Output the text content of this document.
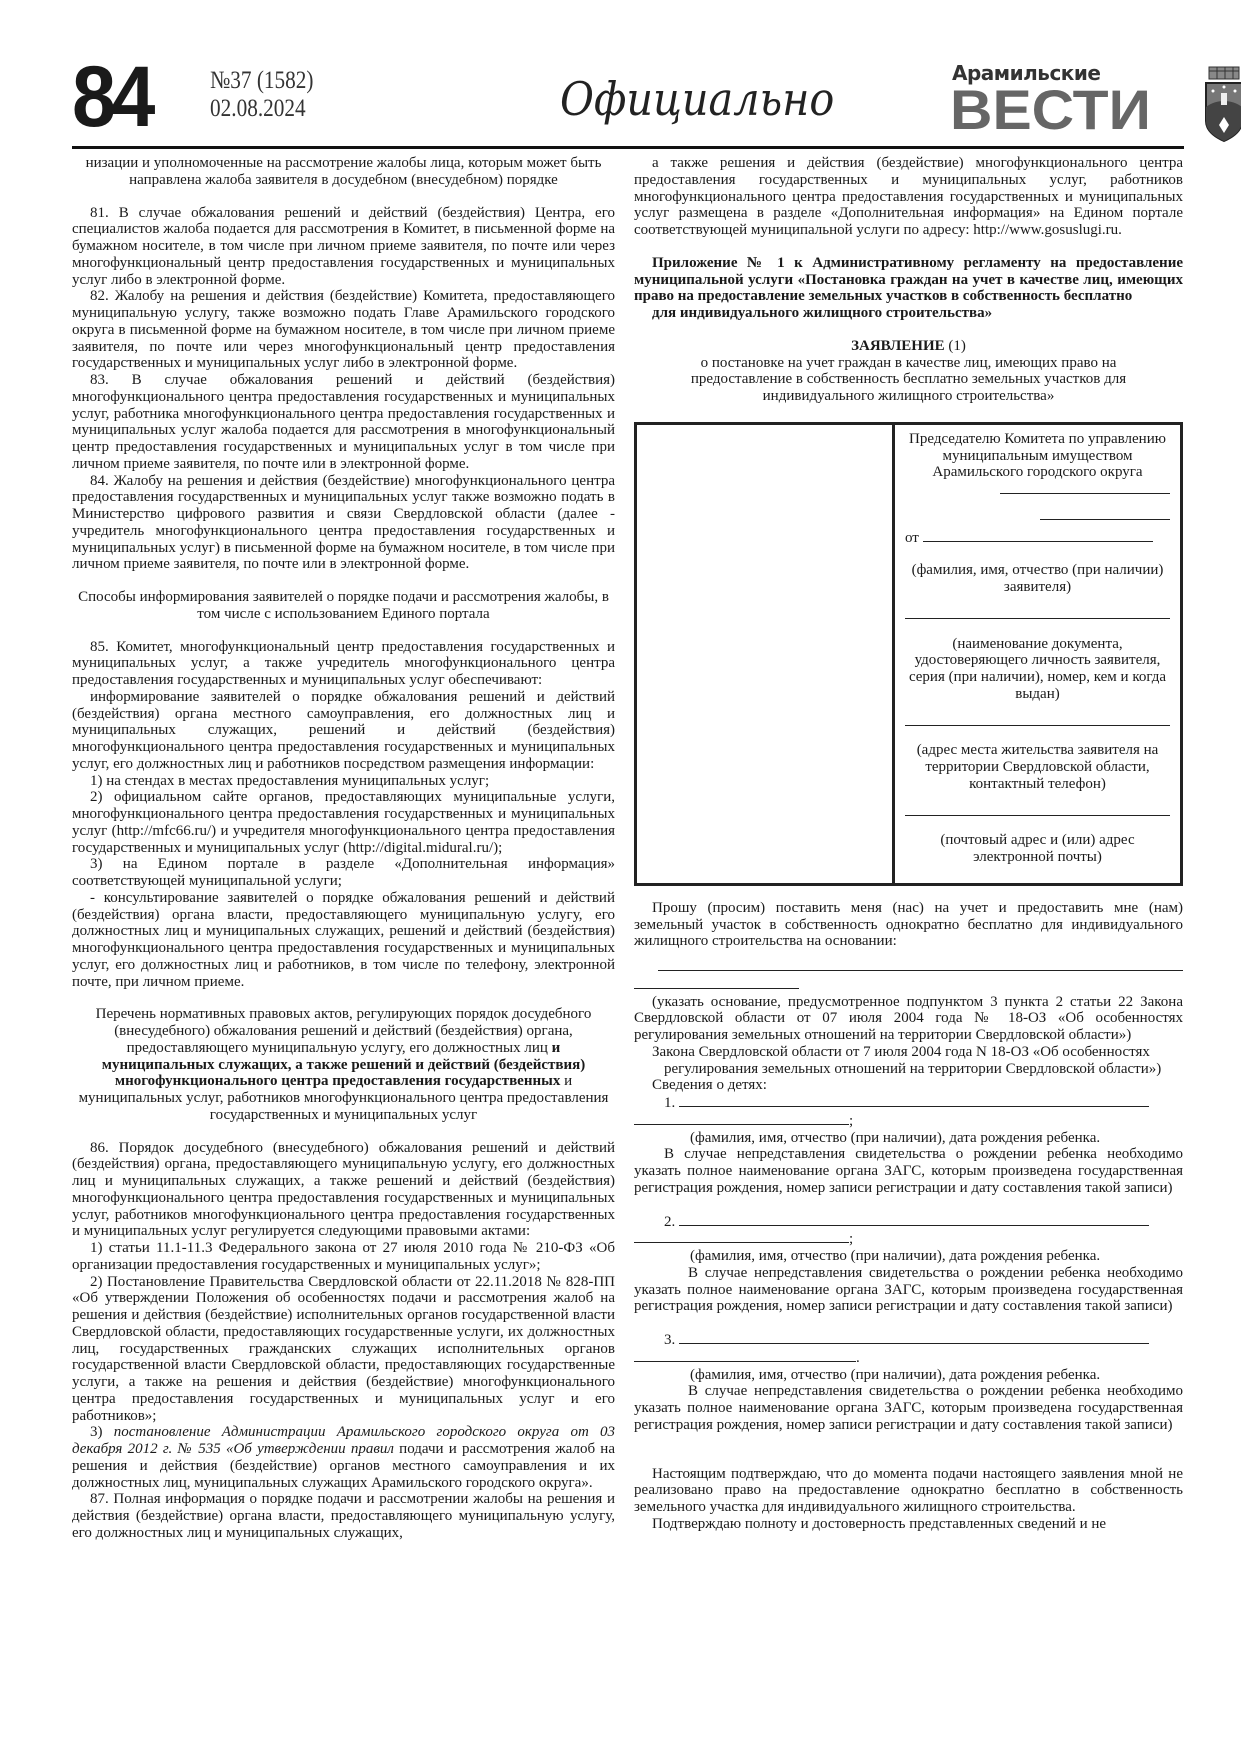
84 №37 (1582)
02.08.2024	Официально	Арамильские
ВЕСТИ

низации и уполномоченные на рассмотрение жалобы лица, которым может быть направлена жалоба заявителя в досудебном (внесудебном) порядке

81. В случае обжалования решений и действий (бездействия) Центра, его специалистов жалоба подается для рассмотрения в Комитет, в письменной форме на бумажном носителе, в том числе при личном приеме заявителя, по почте или через многофункциональный центр предоставления государственных и муниципальных услуг либо в электронной форме.

82. Жалобу на решения и действия (бездействие) Комитета, предоставляющего муниципальную услугу, также возможно подать Главе Арамильского городского округа в письменной форме на бумажном носителе, в том числе при личном приеме заявителя, по почте или через многофункциональный центр предоставления государственных и муниципальных услуг либо в электронной форме.

83. В случае обжалования решений и действий (бездействия) многофункционального центра предоставления государственных и муниципальных услуг, работника многофункционального центра предоставления государственных и муниципальных услуг жалоба подается для рассмотрения в многофункциональный центр предоставления государственных и муниципальных услуг в том числе при личном приеме заявителя, по почте или в электронной форме.

84. Жалобу на решения и действия (бездействие) многофункционального центра предоставления государственных и муниципальных услуг также возможно подать в Министерство цифрового развития и связи Свердловской области (далее - учредитель многофункционального центра предоставления государственных и муниципальных услуг) в письменной форме на бумажном носителе, в том числе при личном приеме заявителя, по почте или в электронной форме.

Способы информирования заявителей о порядке подачи и рассмотрения жалобы, в том числе с использованием Единого портала

85. Комитет, многофункциональный центр предоставления государственных и муниципальных услуг, а также учредитель многофункционального центра предоставления государственных и муниципальных услуг обеспечивают:

информирование заявителей о порядке обжалования решений и действий (бездействия) органа местного самоуправления, его должностных лиц и муниципальных служащих, решений и действий (бездействия) многофункционального центра предоставления государственных и муниципальных услуг, его должностных лиц и работников посредством размещения информации:

1) на стендах в местах предоставления муниципальных услуг;

2) официальном сайте органов, предоставляющих муниципальные услуги, многофункционального центра предоставления государственных и муниципальных услуг (http://mfc66.ru/) и учредителя многофункционального центра предоставления государственных и муниципальных услуг (http://digital.midural.ru/);

3) на Едином портале в разделе «Дополнительная информация» соответствующей муниципальной услуги;

- консультирование заявителей о порядке обжалования решений и действий (бездействия) органа власти, предоставляющего муниципальную услугу, его должностных лиц и муниципальных служащих, решений и действий (бездействия) многофункционального центра предоставления государственных и муниципальных услуг, его должностных лиц и работников, в том числе по телефону, электронной почте, при личном приеме.

Перечень нормативных правовых актов, регулирующих порядок досудебного (внесудебного) обжалования решений и действий (бездействия) органа, предоставляющего муниципальную услугу, его должностных лиц и муниципальных служащих, а также решений и действий (бездействия) многофункционального центра предоставления государственных и муниципальных услуг, работников многофункционального центра предоставления государственных и муниципальных услуг

86. Порядок досудебного (внесудебного) обжалования решений и действий (бездействия) органа, предоставляющего муниципальную услугу, его должностных лиц и муниципальных служащих, а также решений и действий (бездействия) многофункционального центра предоставления государственных и муниципальных услуг, работников многофункционального центра предоставления государственных и муниципальных услуг регулируется следующими правовыми актами:

1) статьи 11.1-11.3 Федерального закона от 27 июля 2010 года № 210-ФЗ «Об организации предоставления государственных и муниципальных услуг»;

2) Постановление Правительства Свердловской области от 22.11.2018 № 828-ПП «Об утверждении Положения об особенностях подачи и рассмотрения жалоб на решения и действия (бездействие) исполнительных органов государственной власти Свердловской области, предоставляющих государственные услуги, их должностных лиц, государственных гражданских служащих исполнительных органов государственной власти Свердловской области, предоставляющих государственные услуги, а также на решения и действия (бездействие) многофункционального центра предоставления государственных и муниципальных услуг и его работников»;

3) постановление Администрации Арамильского городского округа от 03 декабря 2012 г. № 535 «Об утверждении правил подачи и рассмотрения жалоб на решения и действия (бездействие) органов местного самоуправления и их должностных лиц, муниципальных служащих Арамильского городского округа».

87. Полная информация о порядке подачи и рассмотрении жалобы на решения и действия (бездействие) органа власти, предоставляющего муниципальную услугу, его должностных лиц и муниципальных служащих,

а также решения и действия (бездействие) многофункционального центра предоставления государственных и муниципальных услуг, работников многофункционального центра предоставления государственных и муниципальных услуг размещена в разделе «Дополнительная информация» на Едином портале соответствующей муниципальной услуги по адресу: http://www.gosuslugi.ru.

Приложение № 1 к Административному регламенту на предоставление муниципальной услуги «Постановка граждан на учет в качестве лиц, имеющих право на предоставление земельных участков в собственность бесплатно

для индивидуального жилищного строительства»

ЗАЯВЛЕНИЕ (1)

о постановке на учет граждан в качестве лиц, имеющих право на предоставление в собственность бесплатно земельных участков для индивидуального жилищного строительства»

Председателю Комитета по управлению муниципальным имуществом Арамильского городского округа
от
(фамилия, имя, отчество (при наличии) заявителя)
(наименование документа, удостоверяющего личность заявителя, серия (при наличии), номер, кем и когда выдан)
(адрес места жительства заявителя на территории Свердловской области, контактный телефон)
(почтовый адрес и (или) адрес электронной почты)

Прошу (просим) поставить меня (нас) на учет и предоставить мне (нам) земельный участок в собственность однократно бесплатно для индивидуального жилищного строительства на основании:

(указать основание, предусмотренное подпунктом 3 пункта 2 статьи 22 Закона Свердловской области от 07 июля 2004 года № 18-ОЗ «Об особенностях регулирования земельных отношений на территории Свердловской области»)

Закона Свердловской области от 7 июля 2004 года N 18-ОЗ «Об особенностях

регулирования земельных отношений на территории Свердловской области»)

Сведения о детях:

1.
;

(фамилия, имя, отчество (при наличии), дата рождения ребенка.

В случае непредставления свидетельства о рождении ребенка необходимо указать полное наименование органа ЗАГС, которым произведена государственная регистрация рождения, номер записи регистрации и дату составления такой записи)

2.
;

(фамилия, имя, отчество (при наличии), дата рождения ребенка.

В случае непредставления свидетельства о рождении ребенка необходимо указать полное наименование органа ЗАГС, которым произведена государственная регистрация рождения, номер записи регистрации и дату составления такой записи)

3.
.

(фамилия, имя, отчество (при наличии), дата рождения ребенка.

В случае непредставления свидетельства о рождении ребенка необходимо указать полное наименование органа ЗАГС, которым произведена государственная регистрация рождения, номер записи регистрации и дату составления такой записи)

Настоящим подтверждаю, что до момента подачи настоящего заявления мной не реализовано право на предоставление однократно бесплатно в собственность земельного участка для индивидуального жилищного строительства.

Подтверждаю полноту и достоверность представленных сведений и не
